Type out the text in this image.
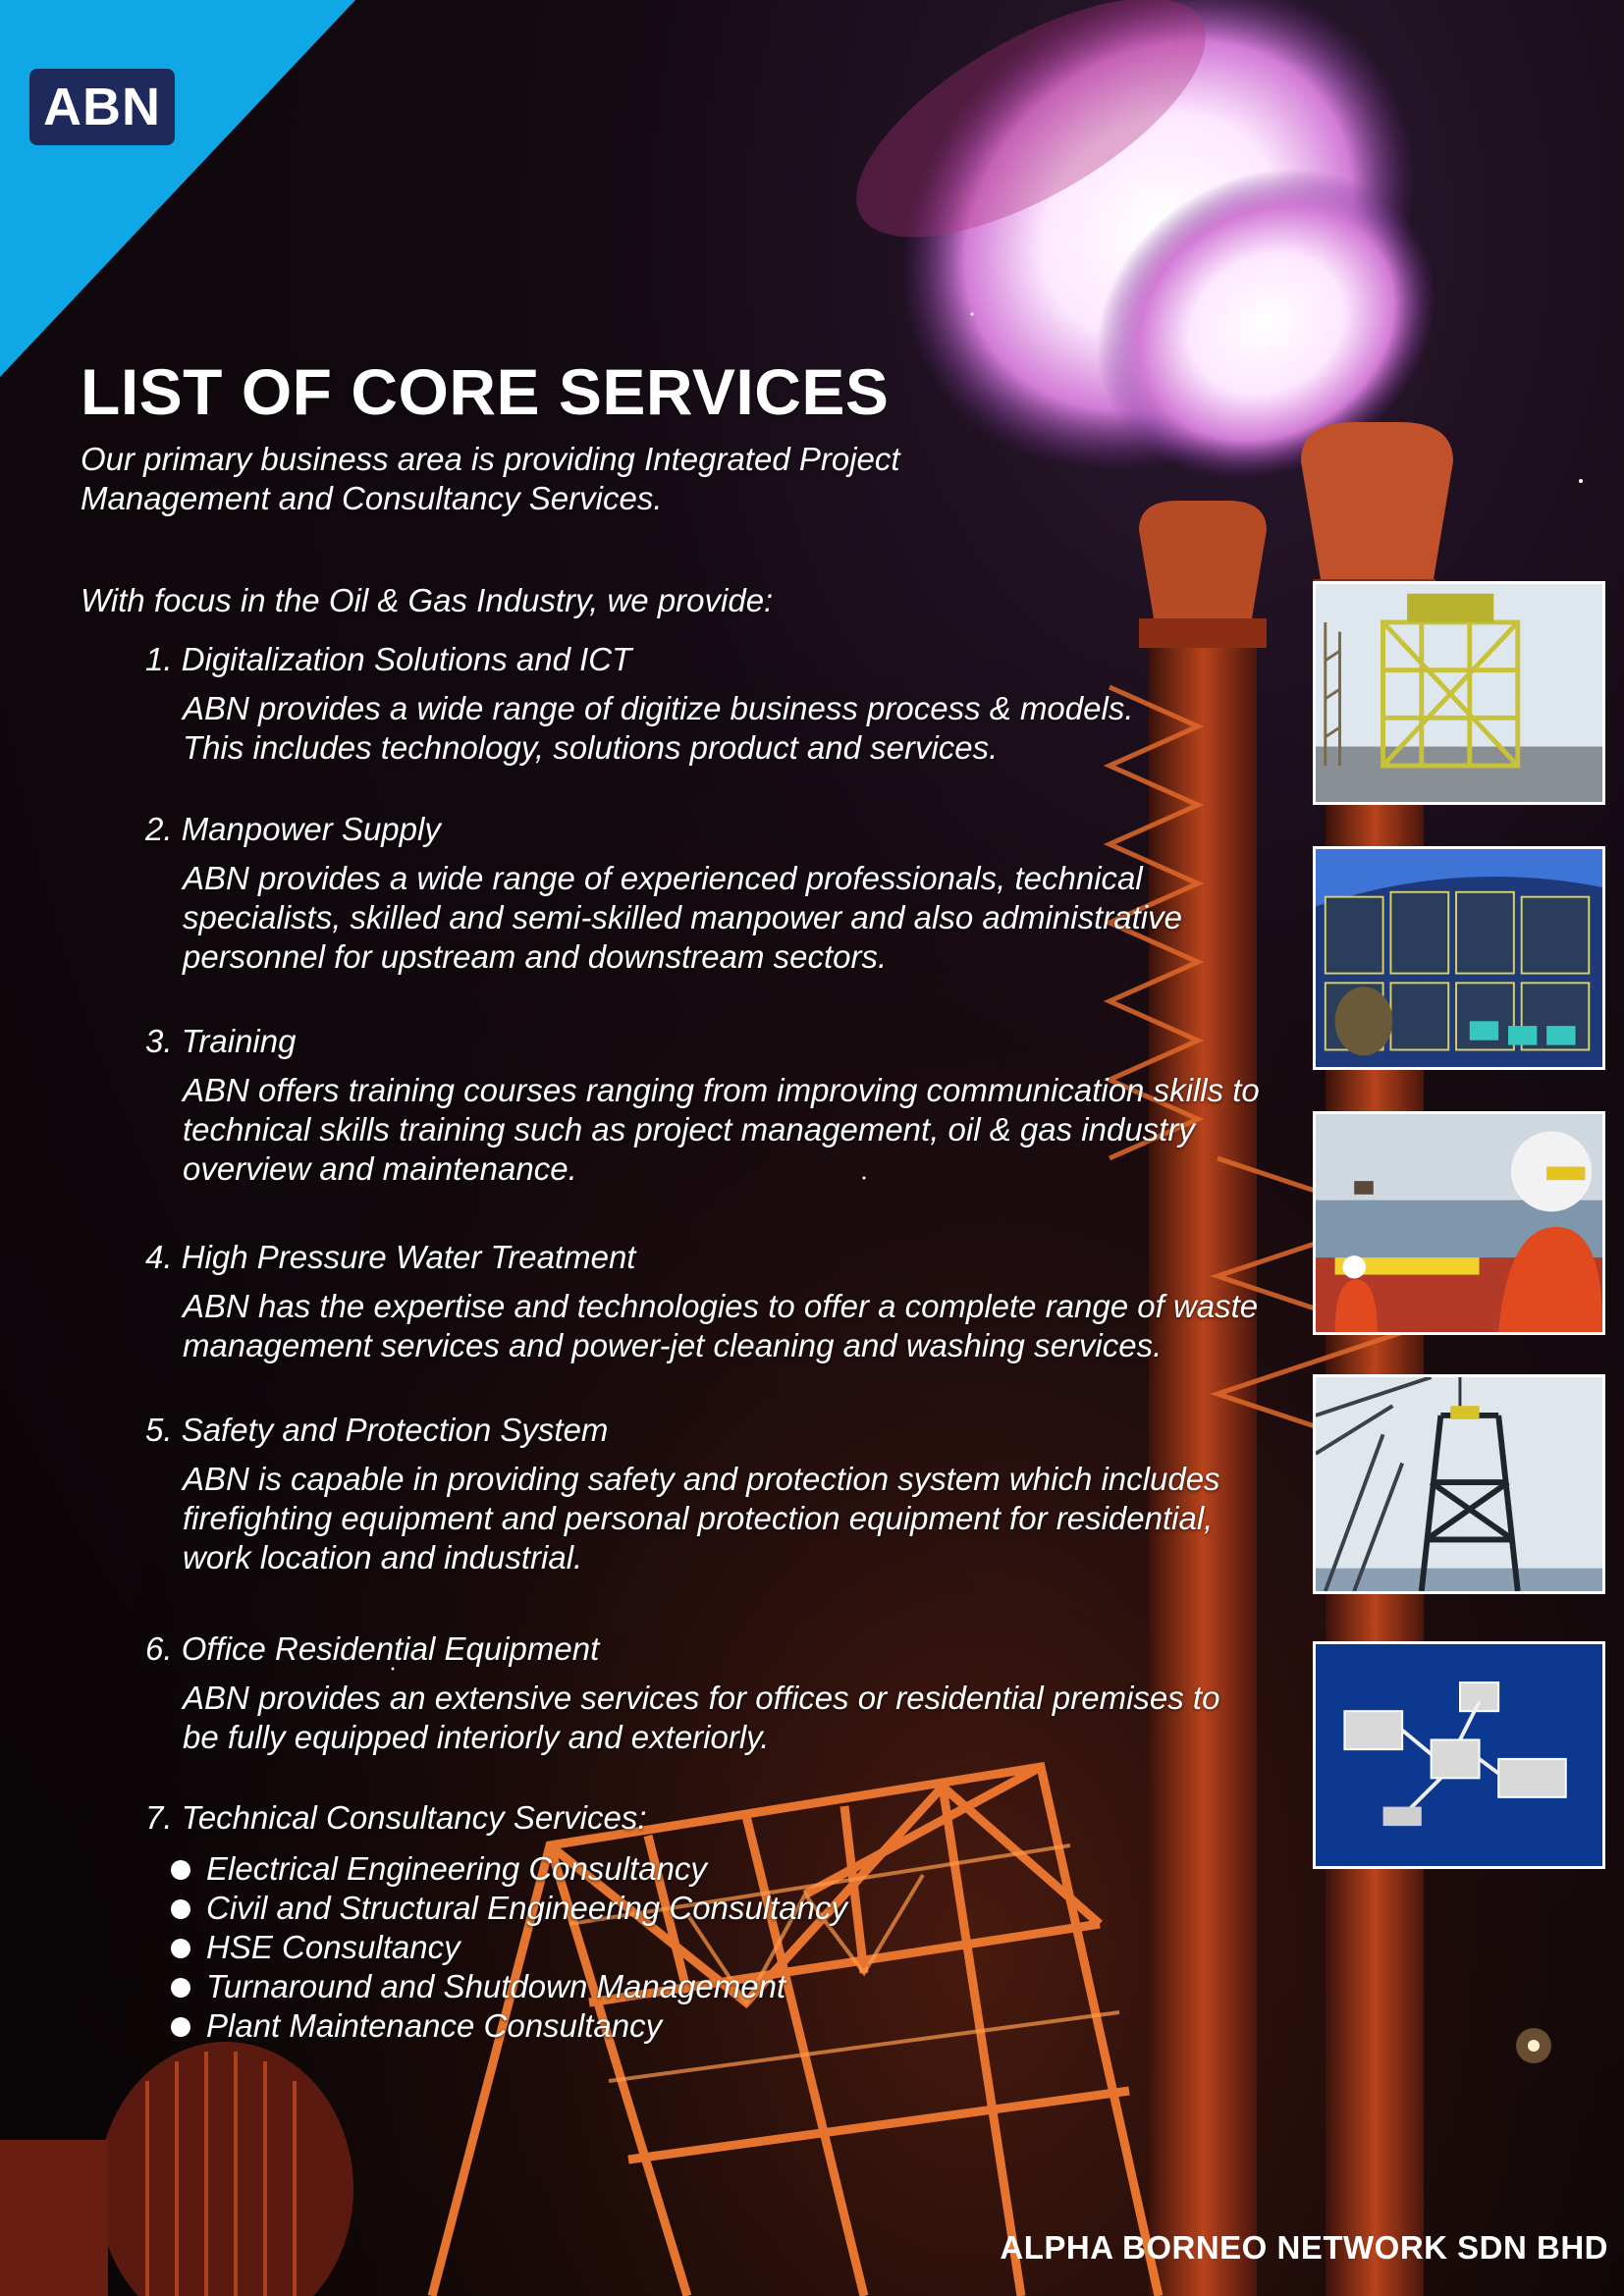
ABN
LIST OF CORE SERVICES
Our primary business area is providing Integrated Project
Management and Consultancy Services.
With focus in the Oil & Gas Industry, we provide:
1. Digitalization Solutions and ICT
ABN provides a wide range of digitize business process & models.
This includes technology, solutions product and services.
2. Manpower Supply
ABN provides a wide range of experienced professionals, technical
specialists, skilled and semi-skilled manpower and also administrative
personnel for upstream and downstream sectors.
3. Training
ABN offers training courses ranging from improving communication skills to
technical skills training such as project management, oil & gas industry
overview and maintenance.
4. High Pressure Water Treatment
ABN has the expertise and technologies to offer a complete range of waste
management services and power-jet cleaning and washing services.
5. Safety and Protection System
ABN is capable in providing safety and protection system which includes
firefighting equipment and personal protection equipment for residential,
work location and industrial.
6. Office Residential Equipment
ABN provides an extensive services for offices or residential premises to
be fully equipped interiorly and exteriorly.
7. Technical Consultancy Services:
Electrical Engineering Consultancy
Civil and Structural Engineering Consultancy
HSE Consultancy
Turnaround and Shutdown Management
Plant Maintenance Consultancy
ALPHA BORNEO NETWORK SDN BHD
